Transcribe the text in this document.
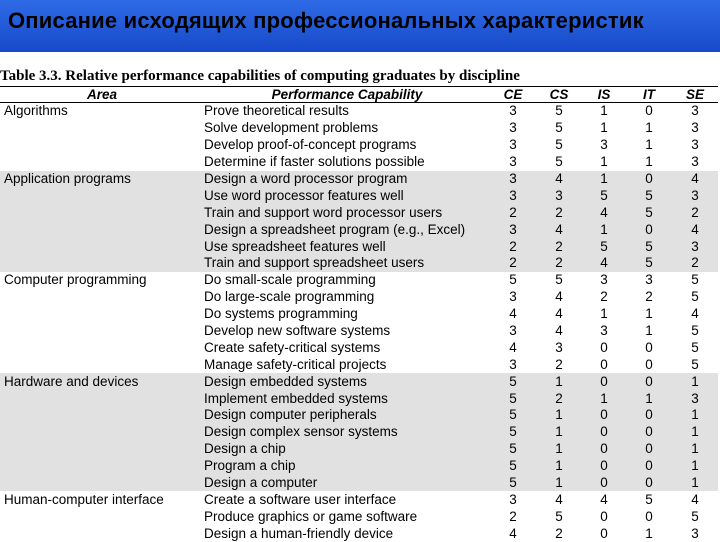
Описание исходящих профессиональных характеристик
Table 3.3. Relative performance capabilities of computing graduates by discipline
Area	Performance Capability	CE	CS	IS	IT	SE
Algorithms	Prove theoretical results	3	5	1	0	3
	Solve development problems	3	5	1	1	3
	Develop proof-of-concept programs	3	5	3	1	3
	Determine if faster solutions possible	3	5	1	1	3
Application programs	Design a word processor program	3	4	1	0	4
	Use word processor features well	3	3	5	5	3
	Train and support word processor users	2	2	4	5	2
	Design a spreadsheet program (e.g., Excel)	3	4	1	0	4
	Use spreadsheet features well	2	2	5	5	3
	Train and support spreadsheet users	2	2	4	5	2
Computer programming	Do small-scale programming	5	5	3	3	5
	Do large-scale programming	3	4	2	2	5
	Do systems programming	4	4	1	1	4
	Develop new software systems	3	4	3	1	5
	Create safety-critical systems	4	3	0	0	5
	Manage safety-critical projects	3	2	0	0	5
Hardware and devices	Design embedded systems	5	1	0	0	1
	Implement embedded systems	5	2	1	1	3
	Design computer peripherals	5	1	0	0	1
	Design complex sensor systems	5	1	0	0	1
	Design a chip	5	1	0	0	1
	Program a chip	5	1	0	0	1
	Design a computer	5	1	0	0	1
Human-computer interface	Create a software user interface	3	4	4	5	4
	Produce graphics or game software	2	5	0	0	5
	Design a human-friendly device	4	2	0	1	3
